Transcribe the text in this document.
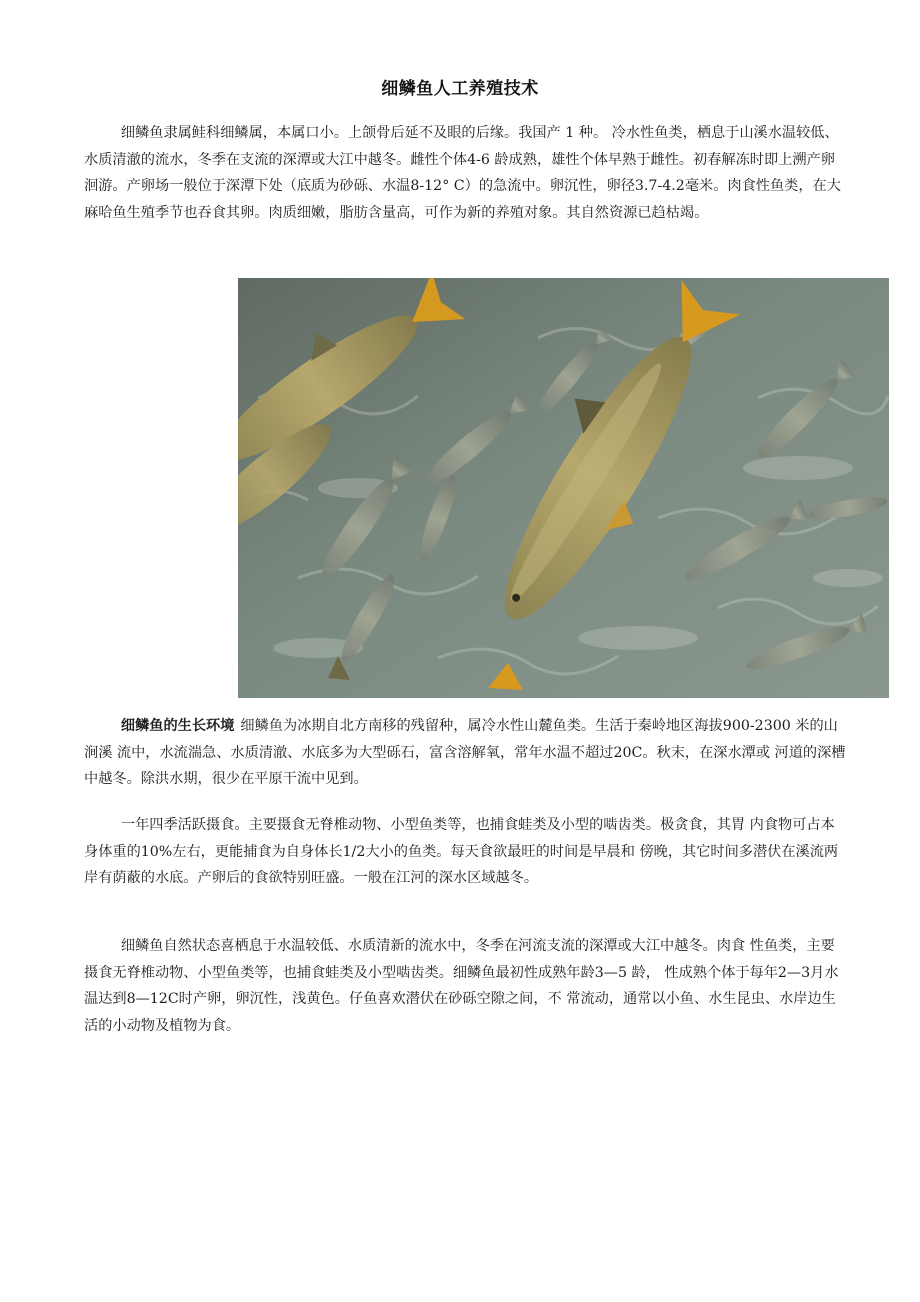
细鳞鱼人工养殖技术

细鳞鱼隶属鲑科细鳞属，本属口小。上颌骨后延不及眼的后缘。我国产 1 种。 冷水性鱼类，栖息于山溪水温较低、水质清澈的流水，冬季在支流的深潭或大江中越冬。雌性个体4-6 龄成熟，雄性个体早熟于雌性。初春解冻时即上溯产卵洄游。产卵场一般位于深潭下处（底质为砂砾、水温8-12° C）的急流中。卵沉性，卵径3.7-4.2毫米。肉食性鱼类，在大麻哈鱼生殖季节也吞食其卵。肉质细嫩，脂肪含量高，可作为新的养殖对象。其自然资源已趋枯竭。

细鳞鱼的生长环境 细鳞鱼为冰期自北方南移的残留种，属冷水性山麓鱼类。生活于秦岭地区海拔900-2300 米的山涧溪 流中，水流湍急、水质清澈、水底多为大型砾石，富含溶解氧，常年水温不超过20C。秋末，在深水潭或 河道的深槽中越冬。除洪水期，很少在平原干流中见到。

一年四季活跃摄食。主要摄食无脊椎动物、小型鱼类等，也捕食蛙类及小型的啮齿类。极贪食，其胃 内食物可占本身体重的10%左右，更能捕食为自身体长1/2大小的鱼类。每天食欲最旺的时间是早晨和 傍晚，其它时间多潜伏在溪流两岸有荫蔽的水底。产卵后的食欲特别旺盛。一般在江河的深水区域越冬。

细鳞鱼自然状态喜栖息于水温较低、水质清新的流水中，冬季在河流支流的深潭或大江中越冬。肉食 性鱼类，主要摄食无脊椎动物、小型鱼类等，也捕食蛙类及小型啮齿类。细鳞鱼最初性成熟年龄3—5 龄， 性成熟个体于每年2—3月水温达到8—12C时产卵，卵沉性，浅黄色。仔鱼喜欢潜伏在砂砾空隙之间，不 常流动，通常以小鱼、水生昆虫、水岸边生活的小动物及植物为食。
